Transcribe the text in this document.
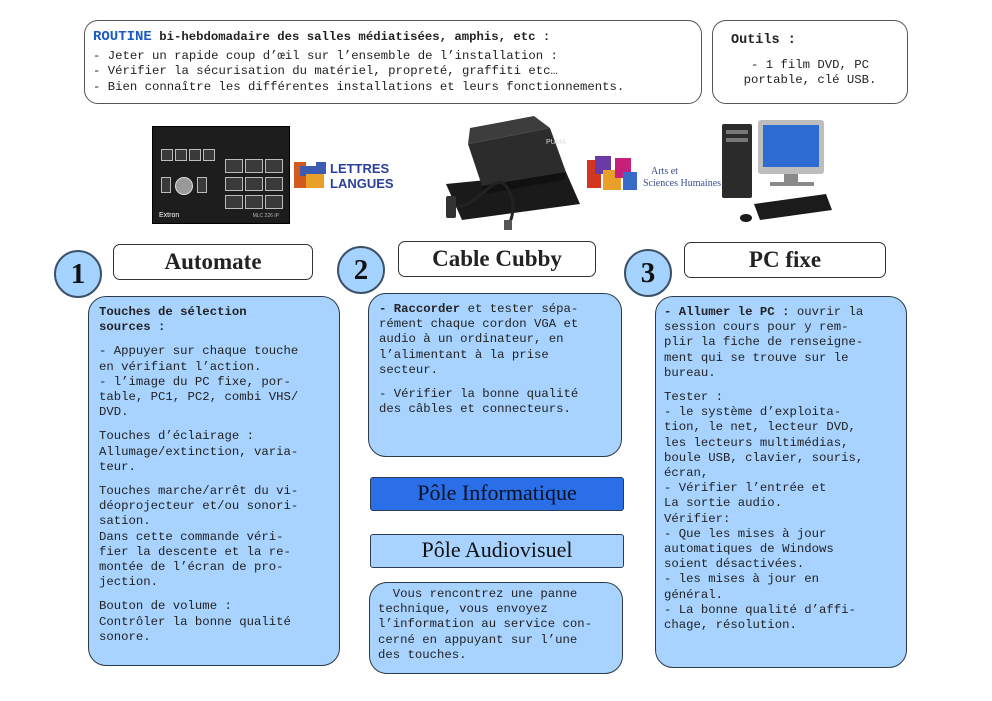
ROUTINE bi-hebdomadaire des salles médiatisées, amphis, etc :
- Jeter un rapide coup d’œil sur l’ensemble de l’installation :
- Vérifier la sécurisation du matériel, propreté, graffiti etc…
- Bien connaître les différentes installations et leurs fonctionnements.
Outils :
- 1 film DVD, PC
portable, clé USB.
Extron	MLC 226 IP
LETTRES
LANGUES
PUMA
Arts et
Sciences Humaines
1	Automate	2	Cable Cubby	3	PC fixe

Touches de sélection

sources :

- Appuyer sur chaque touche

en vérifiant l’action.

- l’image du PC fixe, por-

table, PC1, PC2, combi VHS/

DVD.

Touches d’éclairage :

Allumage/extinction, varia-

teur.

Touches marche/arrêt du vi-

déoprojecteur et/ou sonori-

sation.

Dans cette commande véri-

fier la descente et la re-

montée de l’écran de pro-

jection.

Bouton de volume :

Contrôler la bonne qualité

sonore.

- Raccorder et tester sépa-

rément chaque cordon VGA et

audio à un ordinateur, en

l’alimentant à la prise

secteur.

- Vérifier la bonne qualité

des câbles et connecteurs.

Pôle Informatique
Pôle Audiovisuel

Vous rencontrez une panne

technique, vous envoyez

l’information au service con-

cerné en appuyant sur l’une

des touches.

- Allumer le PC : ouvrir la

session cours pour y rem-

plir la fiche de renseigne-

ment qui se trouve sur le

bureau.

Tester :

- le système d’exploita-

tion, le net, lecteur DVD,

les lecteurs multimédias,

boule USB, clavier, souris,

écran,

- Vérifier l’entrée et

La sortie audio.

Vérifier:

- Que les mises à jour

automatiques de Windows

soient désactivées.

- les mises à jour en

général.

- La bonne qualité d’affi-

chage, résolution.
